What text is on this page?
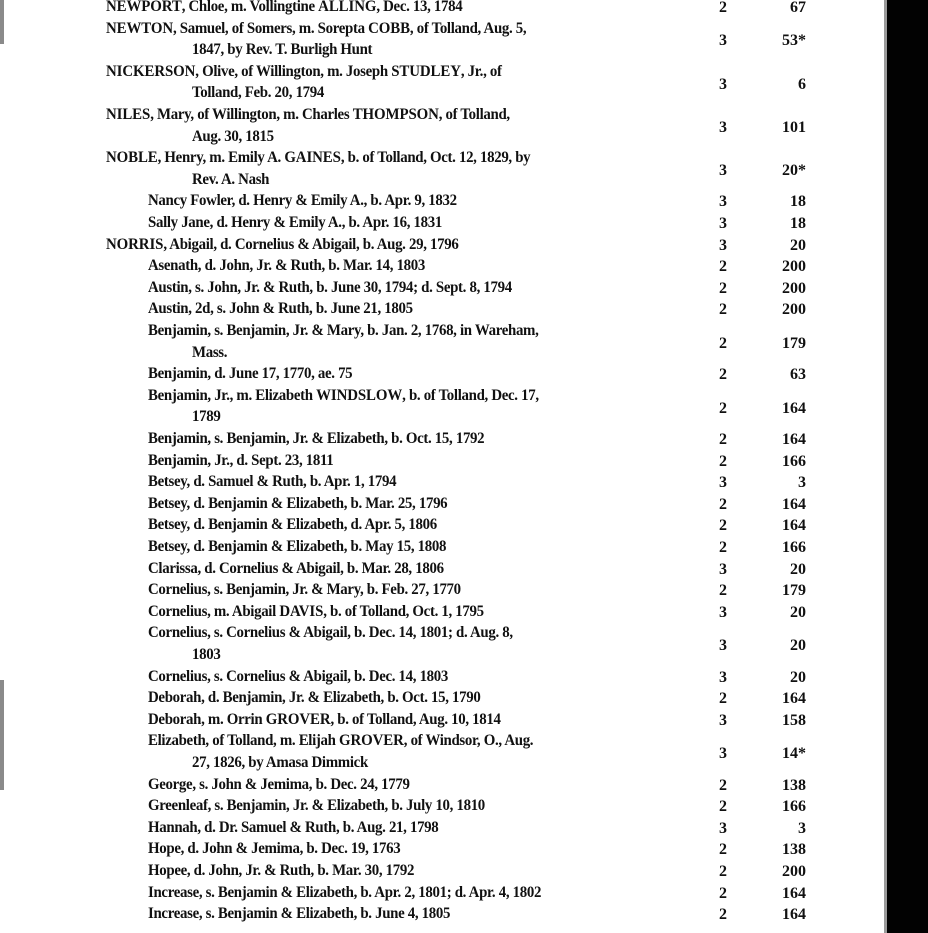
NEWPORT, Chloe, m. Vollingtine ALLING, Dec. 13, 1784	2	67
NEWTON, Samuel, of Somers, m. Sorepta COBB, of Tolland, Aug. 5,
1847, by Rev. T. Burligh Hunt
3	53*
NICKERSON, Olive, of Willington, m. Joseph STUDLEY, Jr., of
Tolland, Feb. 20, 1794
3	6
NILES, Mary, of Willington, m. Charles THOMPSON, of Tolland,
Aug. 30, 1815
3	101
NOBLE, Henry, m. Emily A. GAINES, b. of Tolland, Oct. 12, 1829, by
Rev. A. Nash
3	20*
Nancy Fowler, d. Henry & Emily A., b. Apr. 9, 1832	3	18
Sally Jane, d. Henry & Emily A., b. Apr. 16, 1831	3	18
NORRIS, Abigail, d. Cornelius & Abigail, b. Aug. 29, 1796	3	20
Asenath, d. John, Jr. & Ruth, b. Mar. 14, 1803	2	200
Austin, s. John, Jr. & Ruth, b. June 30, 1794; d. Sept. 8, 1794	2	200
Austin, 2d, s. John & Ruth, b. June 21, 1805	2	200
Benjamin, s. Benjamin, Jr. & Mary, b. Jan. 2, 1768, in Wareham,
Mass.
2	179
Benjamin, d. June 17, 1770, ae. 75	2	63
Benjamin, Jr., m. Elizabeth WINDSLOW, b. of Tolland, Dec. 17,
1789
2	164
Benjamin, s. Benjamin, Jr. & Elizabeth, b. Oct. 15, 1792	2	164
Benjamin, Jr., d. Sept. 23, 1811	2	166
Betsey, d. Samuel & Ruth, b. Apr. 1, 1794	3	3
Betsey, d. Benjamin & Elizabeth, b. Mar. 25, 1796	2	164
Betsey, d. Benjamin & Elizabeth, d. Apr. 5, 1806	2	164
Betsey, d. Benjamin & Elizabeth, b. May 15, 1808	2	166
Clarissa, d. Cornelius & Abigail, b. Mar. 28, 1806	3	20
Cornelius, s. Benjamin, Jr. & Mary, b. Feb. 27, 1770	2	179
Cornelius, m. Abigail DAVIS, b. of Tolland, Oct. 1, 1795	3	20
Cornelius, s. Cornelius & Abigail, b. Dec. 14, 1801; d. Aug. 8,
1803
3	20
Cornelius, s. Cornelius & Abigail, b. Dec. 14, 1803	3	20
Deborah, d. Benjamin, Jr. & Elizabeth, b. Oct. 15, 1790	2	164
Deborah, m. Orrin GROVER, b. of Tolland, Aug. 10, 1814	3	158
Elizabeth, of Tolland, m. Elijah GROVER, of Windsor, O., Aug.
27, 1826, by Amasa Dimmick
3	14*
George, s. John & Jemima, b. Dec. 24, 1779	2	138
Greenleaf, s. Benjamin, Jr. & Elizabeth, b. July 10, 1810	2	166
Hannah, d. Dr. Samuel & Ruth, b. Aug. 21, 1798	3	3
Hope, d. John & Jemima, b. Dec. 19, 1763	2	138
Hopee, d. John, Jr. & Ruth, b. Mar. 30, 1792	2	200
Increase, s. Benjamin & Elizabeth, b. Apr. 2, 1801; d. Apr. 4, 1802	2	164
Increase, s. Benjamin & Elizabeth, b. June 4, 1805	2	164
